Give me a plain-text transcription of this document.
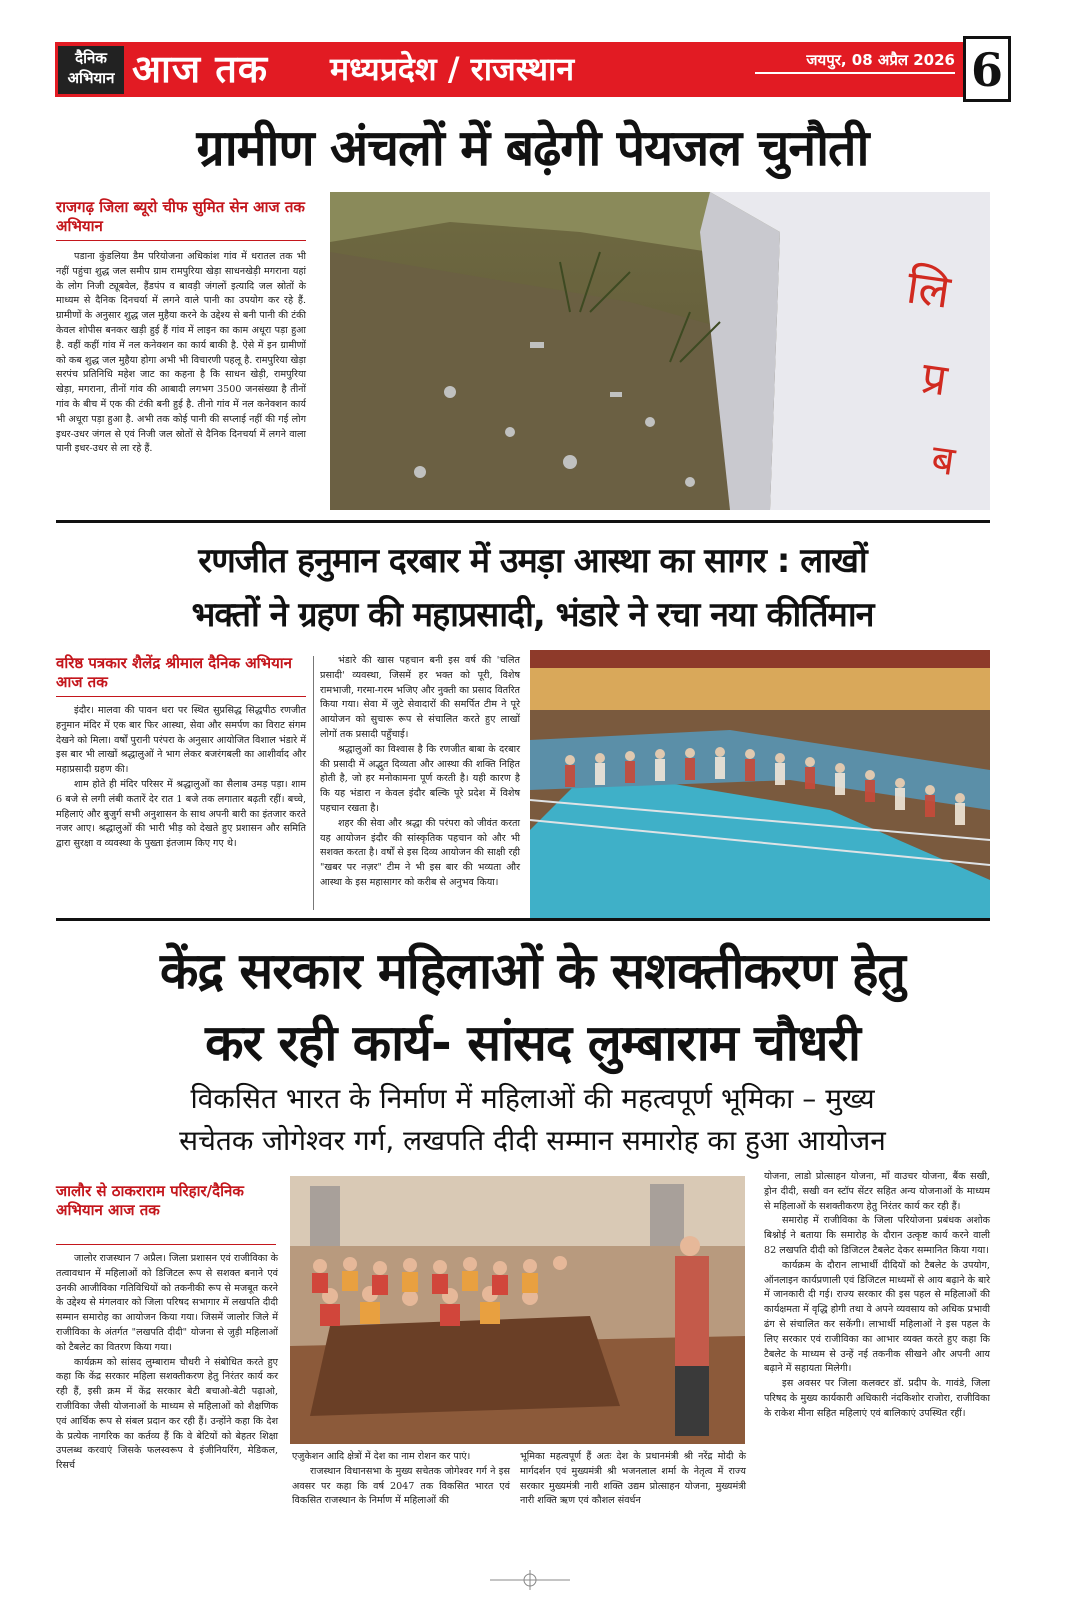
दैनिक अभियान आज तक मध्यप्रदेश / राजस्थान	जयपुर, 08 अप्रैल 2026 6
ग्रामीण अंचलों में बढ़ेगी पेयजल चुनौती
राजगढ़ जिला ब्यूरो चीफ सुमित सेन आज तक अभियान

पडाना कुंडलिया डैम परियोजना अधिकांश गांव में धरातल तक भी नहीं पहुंचा शुद्ध जल समीप ग्राम रामपुरिया खेड़ा साधनखेड़ी मगराना यहां के लोग निजी ट्यूबवेल, हैंडपंप व बावड़ी जंगलों इत्यादि जल स्रोतों के माध्यम से दैनिक दिनचर्या में लगने वाले पानी का उपयोग कर रहे हैं. ग्रामीणों के अनुसार शुद्ध जल मुहैया करने के उद्देश्य से बनी पानी की टंकी केवल शोपीस बनकर खड़ी हुई हैं गांव में लाइन का काम अधूरा पड़ा हुआ है. वहीं कहीं गांव में नल कनेक्शन का कार्य बाकी है. ऐसे में इन ग्रामीणों को कब शुद्ध जल मुहैया होगा अभी भी विचारणी पहलू है. रामपुरिया खेड़ा सरपंच प्रतिनिधि महेश जाट का कहना है कि साधन खेड़ी, रामपुरिया खेड़ा, मगराना, तीनों गांव की आबादी लगभग 3500 जनसंख्या है तीनों गांव के बीच में एक की टंकी बनी हुई है. तीनो गांव में नल कनेक्शन कार्य भी अधूरा पड़ा हुआ है. अभी तक कोई पानी की सप्लाई नहीं की गई लोग इधर-उधर जंगल से एवं निजी जल स्रोतों से दैनिक दिनचर्या में लगने वाला पानी इधर-उधर से ला रहे हैं.

लि
प्र
ब
रणजीत हनुमान दरबार में उमड़ा आस्था का सागर : लाखों
भक्तों ने ग्रहण की महाप्रसादी, भंडारे ने रचा नया कीर्तिमान
वरिष्ठ पत्रकार शैलेंद्र श्रीमाल दैनिक अभियान आज तक

इंदौर। मालवा की पावन धरा पर स्थित सुप्रसिद्ध सिद्धपीठ रणजीत हनुमान मंदिर में एक बार फिर आस्था, सेवा और समर्पण का विराट संगम देखने को मिला। वर्षों पुरानी परंपरा के अनुसार आयोजित विशाल भंडारे में इस बार भी लाखों श्रद्धालुओं ने भाग लेकर बजरंगबली का आशीर्वाद और महाप्रसादी ग्रहण की।

शाम होते ही मंदिर परिसर में श्रद्धालुओं का सैलाब उमड़ पड़ा। शाम 6 बजे से लगी लंबी कतारें देर रात 1 बजे तक लगातार बढ़ती रहीं। बच्चे, महिलाएं और बुजुर्ग सभी अनुशासन के साथ अपनी बारी का इंतजार करते नजर आए। श्रद्धालुओं की भारी भीड़ को देखते हुए प्रशासन और समिति द्वारा सुरक्षा व व्यवस्था के पुख्ता इंतजाम किए गए थे।

भंडारे की खास पहचान बनी इस वर्ष की 'चलित प्रसादी' व्यवस्था, जिसमें हर भक्त को पूरी, विशेष रामभाजी, गरमा-गरम भजिए और नुक्ती का प्रसाद वितरित किया गया। सेवा में जुटे सेवादारों की समर्पित टीम ने पूरे आयोजन को सुचारू रूप से संचालित करते हुए लाखों लोगों तक प्रसादी पहुँचाई।

श्रद्धालुओं का विश्वास है कि रणजीत बाबा के दरबार की प्रसादी में अद्भुत दिव्यता और आस्था की शक्ति निहित होती है, जो हर मनोकामना पूर्ण करती है। यही कारण है कि यह भंडारा न केवल इंदौर बल्कि पूरे प्रदेश में विशेष पहचान रखता है।

शहर की सेवा और श्रद्धा की परंपरा को जीवंत करता यह आयोजन इंदौर की सांस्कृतिक पहचान को और भी सशक्त करता है। वर्षों से इस दिव्य आयोजन की साक्षी रही "खबर पर नज़र" टीम ने भी इस बार की भव्यता और आस्था के इस महासागर को करीब से अनुभव किया।

केंद्र सरकार महिलाओं के सशक्तीकरण हेतु
कर रही कार्य- सांसद लुम्बाराम चौधरी
विकसित भारत के निर्माण में महिलाओं की महत्वपूर्ण भूमिका – मुख्य
सचेतक जोगेश्वर गर्ग, लखपति दीदी सम्मान समारोह का हुआ आयोजन
जालौर से ठाकराराम परिहार/दैनिक अभियान आज तक

जालोर राजस्थान 7 अप्रैल। जिला प्रशासन एवं राजीविका के तत्वावधान में महिलाओं को डिजिटल रूप से सशक्त बनाने एवं उनकी आजीविका गतिविधियों को तकनीकी रूप से मजबूत करने के उद्देश्य से मंगलवार को जिला परिषद सभागार में लखपति दीदी सम्मान समारोह का आयोजन किया गया। जिसमें जालोर जिले में राजीविका के अंतर्गत "लखपति दीदी" योजना से जुड़ी महिलाओं को टैबलेट का वितरण किया गया।

कार्यक्रम को सांसद लुम्बाराम चौधरी ने संबोधित करते हुए कहा कि केंद्र सरकार महिला सशक्तीकरण हेतु निरंतर कार्य कर रही हैं, इसी क्रम में केंद्र सरकार बेटी बचाओ-बेटी पढ़ाओ, राजीविका जैसी योजनाओं के माध्यम से महिलाओं को शैक्षणिक एवं आर्थिक रूप से संबल प्रदान कर रही हैं। उन्होंने कहा कि देश के प्रत्येक नागरिक का कर्तव्य हैं कि वे बेटियों को बेहतर शिक्षा उपलब्ध करवाएं जिसके फलस्वरूप वे इंजीनियरिंग, मेडिकल, रिसर्च

एजुकेशन आदि क्षेत्रों में देश का नाम रोशन कर पाएं।

राजस्थान विधानसभा के मुख्य सचेतक जोगेश्वर गर्ग ने इस अवसर पर कहा कि वर्ष 2047 तक विकसित भारत एवं विकसित राजस्थान के निर्माण में महिलाओं की

भूमिका महत्वपूर्ण हैं अतः देश के प्रधानमंत्री श्री नरेंद्र मोदी के मार्गदर्शन एवं मुख्यमंत्री श्री भजनलाल शर्मा के नेतृत्व में राज्य सरकार मुख्यमंत्री नारी शक्ति उद्यम प्रोत्साहन योजना, मुख्यमंत्री नारी शक्ति ऋण एवं कौशल संवर्धन

योजना, लाडो प्रोत्साहन योजना, माँ वाउचर योजना, बैंक सखी, ड्रोन दीदी, सखी वन स्टॉप सेंटर सहित अन्य योजनाओं के माध्यम से महिलाओं के सशक्तीकरण हेतु निरंतर कार्य कर रही हैं।

समारोह में राजीविका के जिला परियोजना प्रबंधक अशोक बिश्नोई ने बताया कि समारोह के दौरान उत्कृष्ट कार्य करने वाली 82 लखपति दीदी को डिजिटल टैबलेट देकर सम्मानित किया गया।

कार्यक्रम के दौरान लाभार्थी दीदियों को टैबलेट के उपयोग, ऑनलाइन कार्यप्रणाली एवं डिजिटल माध्यमों से आय बढ़ाने के बारे में जानकारी दी गई। राज्य सरकार की इस पहल से महिलाओं की कार्यक्षमता में वृद्धि होगी तथा वे अपने व्यवसाय को अधिक प्रभावी ढंग से संचालित कर सकेंगी। लाभार्थी महिलाओं ने इस पहल के लिए सरकार एवं राजीविका का आभार व्यक्त करते हुए कहा कि टैबलेट के माध्यम से उन्हें नई तकनीक सीखने और अपनी आय बढ़ाने में सहायता मिलेगी।

इस अवसर पर जिला कलक्टर डॉ. प्रदीप के. गावंडे, जिला परिषद के मुख्य कार्यकारी अधिकारी नंदकिशोर राजोरा, राजीविका के राकेश मीना सहित महिलाएं एवं बालिकाएं उपस्थित रहीं।
